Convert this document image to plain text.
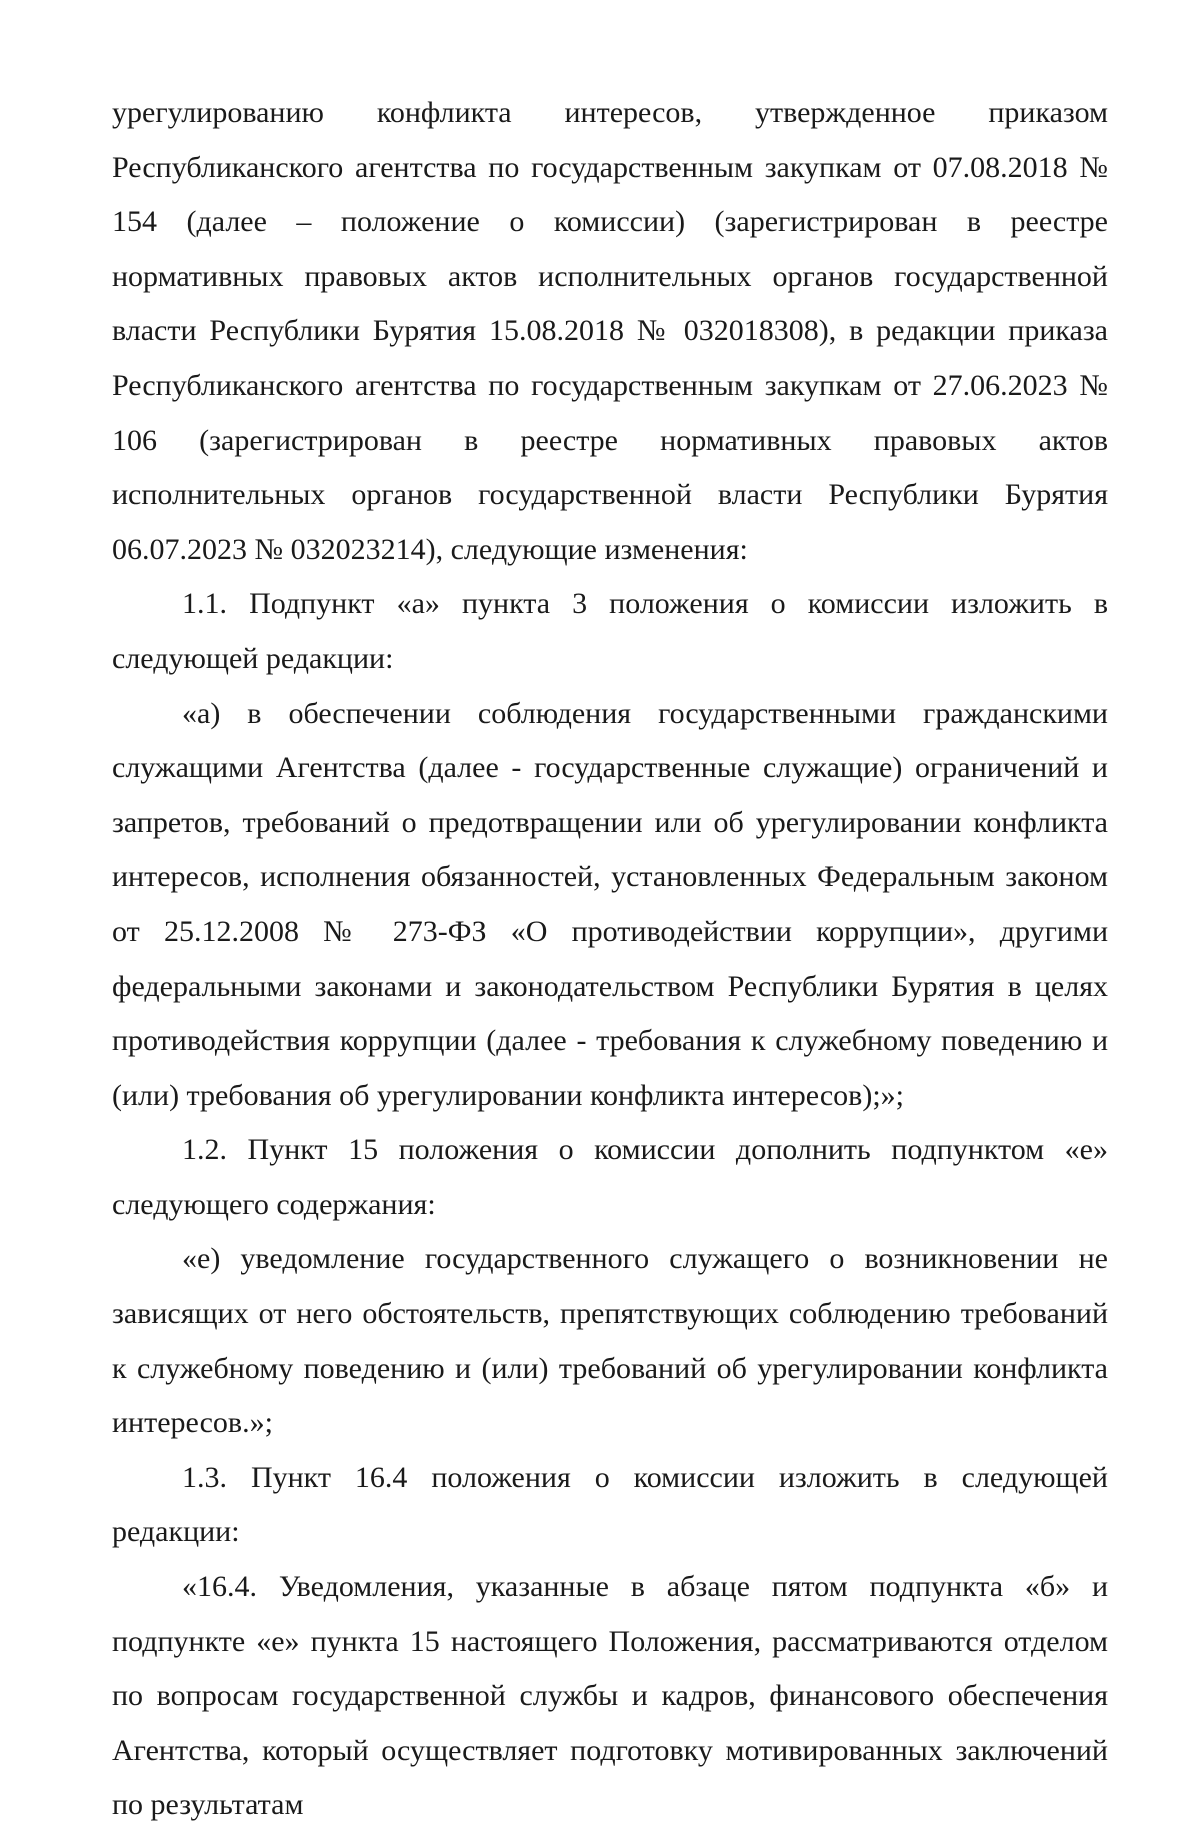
урегулированию конфликта интересов, утвержденное приказом Республиканского агентства по государственным закупкам от 07.08.2018 № 154 (далее – положение о комиссии) (зарегистрирован в реестре нормативных правовых актов исполнительных органов государственной власти Республики Бурятия 15.08.2018 № 032018308), в редакции приказа Республиканского агентства по государственным закупкам от 27.06.2023 № 106 (зарегистрирован в реестре нормативных правовых актов исполнительных органов государственной власти Республики Бурятия 06.07.2023 № 032023214), следующие изменения:

1.1. Подпункт «а» пункта 3 положения о комиссии изложить в следующей редакции:

«а) в обеспечении соблюдения государственными гражданскими служащими Агентства (далее - государственные служащие) ограничений и запретов, требований о предотвращении или об урегулировании конфликта интересов, исполнения обязанностей, установленных Федеральным законом от 25.12.2008 № 273-ФЗ «О противодействии коррупции», другими федеральными законами и законодательством Республики Бурятия в целях противодействия коррупции (далее - требования к служебному поведению и (или) требования об урегулировании конфликта интересов);»;

1.2. Пункт 15 положения о комиссии дополнить подпунктом «е» следующего содержания:

«е) уведомление государственного служащего о возникновении не зависящих от него обстоятельств, препятствующих соблюдению требований к служебному поведению и (или) требований об урегулировании конфликта интересов.»;

1.3. Пункт 16.4 положения о комиссии изложить в следующей редакции:

«16.4. Уведомления, указанные в абзаце пятом подпункта «б» и подпункте «е» пункта 15 настоящего Положения, рассматриваются отделом по вопросам государственной службы и кадров, финансового обеспечения Агентства, который осуществляет подготовку мотивированных заключений по результатам
